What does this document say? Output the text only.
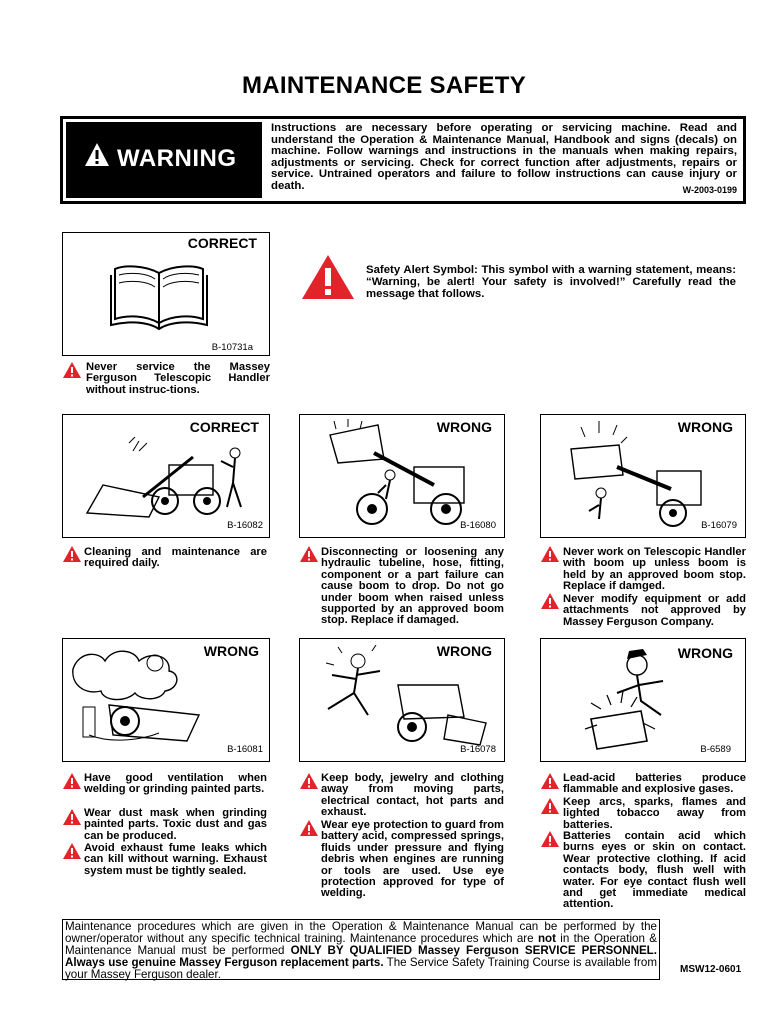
MAINTENANCE SAFETY
WARNING
Instructions are necessary before operating or servicing machine. Read and understand the Operation & Maintenance Manual, Handbook and signs (decals) on machine. Follow warnings and instructions in the manuals when making repairs, adjustments or servicing. Check for correct function after adjustments, repairs or service. Untrained operators and failure to follow instructions can cause injury or death.	W-2003-0199
Safety Alert Symbol: This symbol with a warning statement, means: “Warning, be alert! Your safety is involved!” Carefully read the message that follows.
CORRECT
B-10731a
Never service the Massey Ferguson Telescopic Handler without instruc-tions.
CORRECT
B-16082
Cleaning and maintenance are required daily.
WRONG
B-16080
Disconnecting or loosening any hydraulic tubeline, hose, fitting, component or a part failure can cause boom to drop. Do not go under boom when raised unless supported by an approved boom stop. Replace if damaged.
WRONG
B-16079
Never work on Telescopic Handler with boom up unless boom is held by an approved boom stop. Replace if damged.
Never modify equipment or add attachments not approved by Massey Ferguson Company.
WRONG
B-16081
Have good ventilation when welding or grinding painted parts.
Wear dust mask when grinding painted parts. Toxic dust and gas can be produced.
Avoid exhaust fume leaks which can kill without warning. Exhaust system must be tightly sealed.
WRONG
B-16078
Keep body, jewelry and clothing away from moving parts, electrical contact, hot parts and exhaust.
Wear eye protection to guard from battery acid, compressed springs, fluids under pressure and flying debris when engines are running or tools are used. Use eye protection approved for type of welding.
WRONG
B-6589
Lead-acid batteries produce flammable and explosive gases.
Keep arcs, sparks, flames and lighted tobacco away from batteries.
Batteries contain acid which burns eyes or skin on contact. Wear protective clothing. If acid contacts body, flush well with water. For eye contact flush well and get immediate medical attention.
Maintenance procedures which are given in the Operation & Maintenance Manual can be performed by the owner/operator without any specific technical training. Maintenance procedures which are not in the Operation & Maintenance Manual must be performed ONLY BY QUALIFIED Massey Ferguson SERVICE PERSONNEL. Always use genuine Massey Ferguson replacement parts. The Service Safety Training Course is available from your Massey Ferguson dealer.	MSW12-0601
